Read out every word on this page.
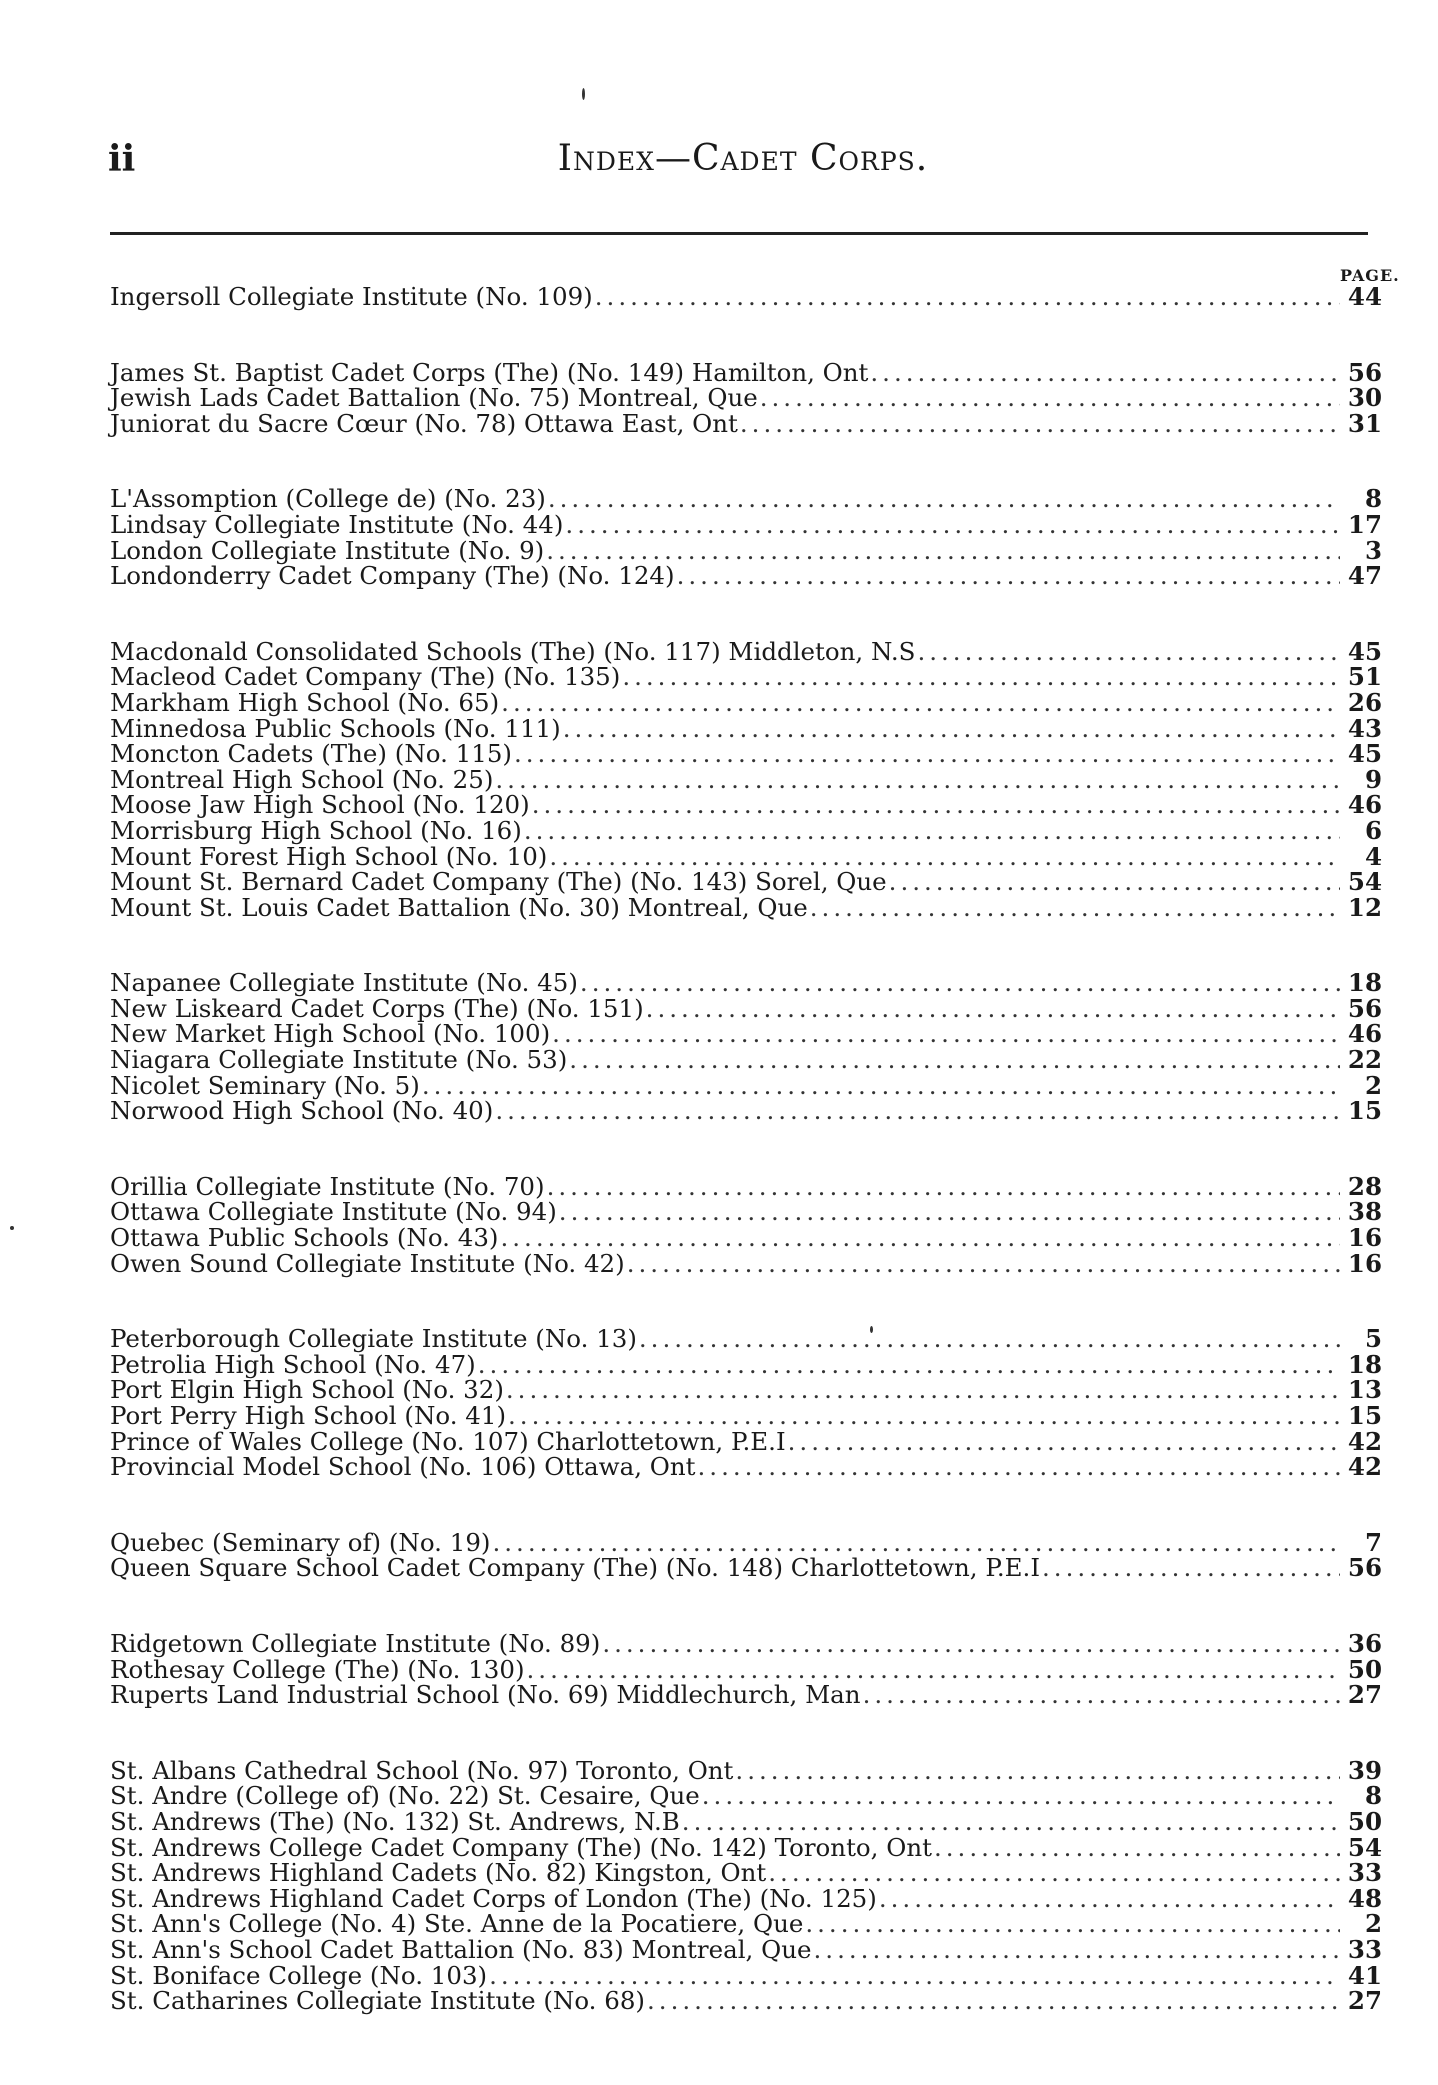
ii	Index—Cadet Corps.
PAGE.
Ingersoll Collegiate Institute (No. 109) .....	44
James St. Baptist Cadet Corps (The) (No. 149) Hamilton, Ont .....	56
Jewish Lads Cadet Battalion (No. 75) Montreal, Que .....	30
Juniorat du Sacre Cœur (No. 78) Ottawa East, Ont .....	31
L'Assomption (College de) (No. 23) .....	8
Lindsay Collegiate Institute (No. 44) .....	17
London Collegiate Institute (No. 9) .....	3
Londonderry Cadet Company (The) (No. 124) .....	47
Macdonald Consolidated Schools (The) (No. 117) Middleton, N.S .....	45
Macleod Cadet Company (The) (No. 135) .....	51
Markham High School (No. 65) .....	26
Minnedosa Public Schools (No. 111) .....	43
Moncton Cadets (The) (No. 115) .....	45
Montreal High School (No. 25) .....	9
Moose Jaw High School (No. 120) .....	46
Morrisburg High School (No. 16) .....	6
Mount Forest High School (No. 10) .....	4
Mount St. Bernard Cadet Company (The) (No. 143) Sorel, Que .....	54
Mount St. Louis Cadet Battalion (No. 30) Montreal, Que .....	12
Napanee Collegiate Institute (No. 45) .....	18
New Liskeard Cadet Corps (The) (No. 151) .....	56
New Market High School (No. 100) .....	46
Niagara Collegiate Institute (No. 53) .....	22
Nicolet Seminary (No. 5) .....	2
Norwood High School (No. 40) .....	15
Orillia Collegiate Institute (No. 70) .....	28
Ottawa Collegiate Institute (No. 94) .....	38
Ottawa Public Schools (No. 43) .....	16
Owen Sound Collegiate Institute (No. 42) .....	16
Peterborough Collegiate Institute (No. 13) .....	5
Petrolia High School (No. 47) .....	18
Port Elgin High School (No. 32) .....	13
Port Perry High School (No. 41) .....	15
Prince of Wales College (No. 107) Charlottetown, P.E.I .....	42
Provincial Model School (No. 106) Ottawa, Ont .....	42
Quebec (Seminary of) (No. 19) .....	7
Queen Square School Cadet Company (The) (No. 148) Charlottetown, P.E.I .....	56
Ridgetown Collegiate Institute (No. 89) .....	36
Rothesay College (The) (No. 130) .....	50
Ruperts Land Industrial School (No. 69) Middlechurch, Man .....	27
St. Albans Cathedral School (No. 97) Toronto, Ont .....	39
St. Andre (College of) (No. 22) St. Cesaire, Que .....	8
St. Andrews (The) (No. 132) St. Andrews, N.B .....	50
St. Andrews College Cadet Company (The) (No. 142) Toronto, Ont .....	54
St. Andrews Highland Cadets (No. 82) Kingston, Ont .....	33
St. Andrews Highland Cadet Corps of London (The) (No. 125) .....	48
St. Ann's College (No. 4) Ste. Anne de la Pocatiere, Que .....	2
St. Ann's School Cadet Battalion (No. 83) Montreal, Que .....	33
St. Boniface College (No. 103) .....	41
St. Catharines Collegiate Institute (No. 68) .....	27
